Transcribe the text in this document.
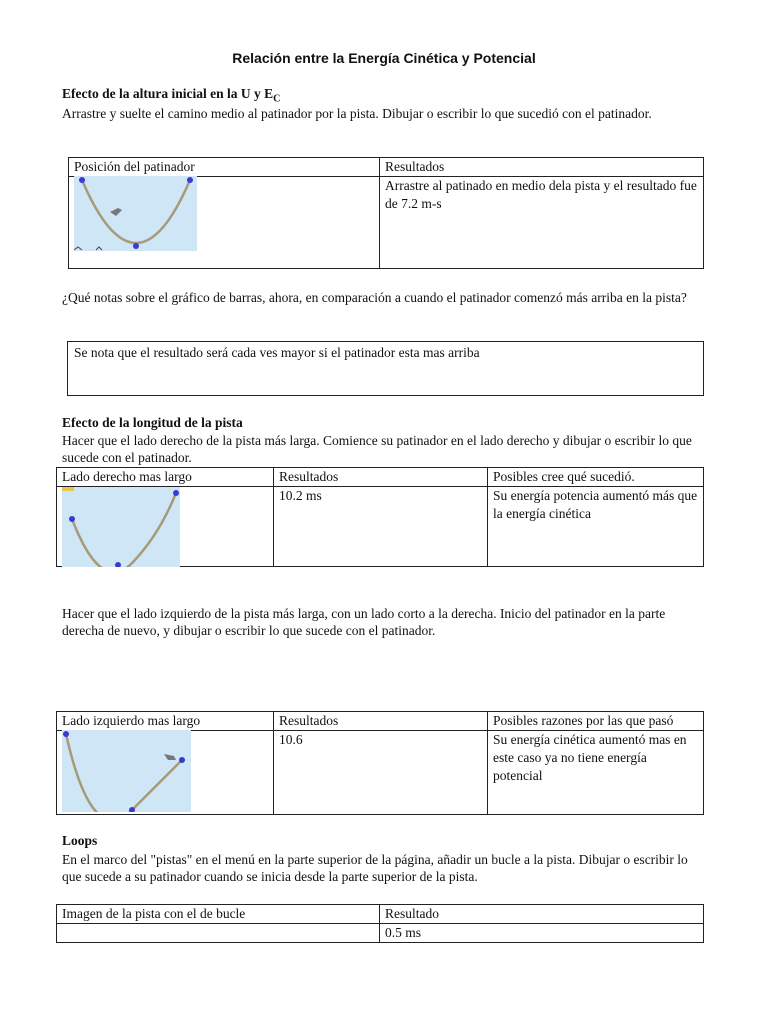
Relación entre la Energía Cinética y Potencial
Efecto de la altura inicial en la U y $E_C$
Arrastre y suelte el camino medio al patinador por la pista. Dibujar o escribir lo que sucedió con el patinador.
Posición del patinador	Resultados
	Arrastre al patinado en medio dela pista y el resultado fue de 7.2 m-s
¿Qué notas sobre el gráfico de barras, ahora, en comparación a cuando el patinador comenzó más arriba en la pista?
Se nota que el resultado será cada ves mayor si el patinador esta mas arriba
Efecto de la longitud de la pista
Hacer que el lado derecho de la pista más larga. Comience su patinador en el lado derecho y dibujar o escribir lo que sucede con el patinador.
Lado derecho mas largo	Resultados	Posibles cree qué sucedió.
	10.2 ms	Su energía potencia aumentó más que la energía cinética
Hacer que el lado izquierdo de la pista más larga, con un lado corto a la derecha. Inicio del patinador en la parte derecha de nuevo, y dibujar o escribir lo que sucede con el patinador.
Lado izquierdo mas largo	Resultados	Posibles razones por las que pasó
	10.6	Su energía cinética aumentó mas en este caso ya no tiene energía potencial
Loops
En el marco del "pistas" en el menú en la parte superior de la página, añadir un bucle a la pista. Dibujar o escribir lo que sucede a su patinador cuando se inicia desde la parte superior de la pista.
Imagen de la pista con el de bucle	Resultado
	0.5 ms
